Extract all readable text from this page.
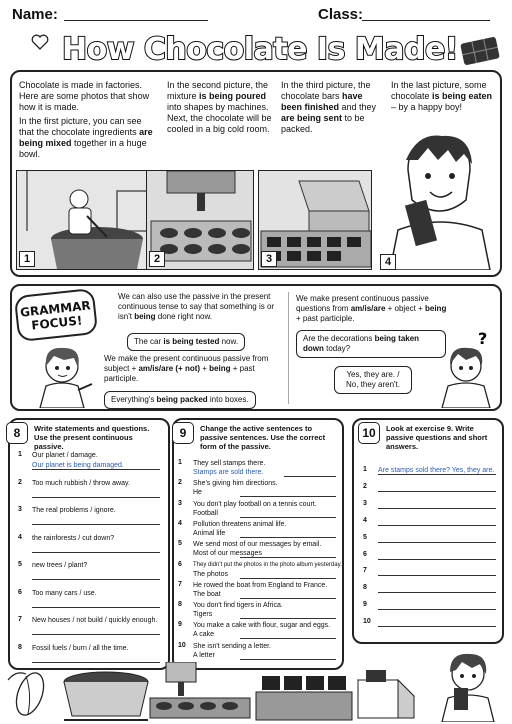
Name:	Class:
How Chocolate Is Made!
Chocolate is made in factories. Here are some photos that show how it is made.
In the first picture, you can see that the chocolate ingredients are being mixed together in a huge bowl.
In the second picture, the mixture is being poured into shapes by machines. Next, the chocolate will be cooled in a big cold room.
In the third picture, the chocolate bars have been finished and they are being sent to be packed.
In the last picture, some chocolate is being eaten – by a happy boy!
1	2	3	4
GRAMMAR FOCUS!
We can also use the passive in the present continuous tense to say that something is or isn't being done right now.
The car is being tested now.
We make the present continuous passive from subject + am/is/are (+ not) + being + past participle.
Everything's being packed into boxes.
We make present continuous passive questions from am/is/are + object + being + past participle.
Are the decorations being taken down today?
Yes, they are. / No, they aren't.
?
8	Write statements and questions. Use the present continuous passive.
9	Change the active sentences to passive sentences. Use the correct form of the passive.
10	Look at exercise 9. Write passive questions and short answers.
1 Our planet / damage.
Our planet is being damaged.
2 Too much rubbish / throw away.
3 The real problems / ignore.
4 the rainforests / cut down?
5 new trees / plant?
6 Too many cars / use.
7 New houses / not build / quickly enough.
8 Fossil fuels / burn / all the time.
1 They sell stamps there.
Stamps are sold there.
2 She's giving him directions.
He
3 You don't play football on a tennis court.
Football
4 Pollution threatens animal life.
Animal life
5 We send most of our messages by email.
Most of our messages
6 They didn't put the photos in the photo album yesterday.
The photos
7 He rowed the boat from England to France.
The boat
8 You don't find tigers in Africa.
Tigers
9 You make a cake with flour, sugar and eggs.
A cake
10 She isn't sending a letter.
A letter
1 Are stamps sold there? Yes, they are.
2
3
4
5
6
7
8
9
10
